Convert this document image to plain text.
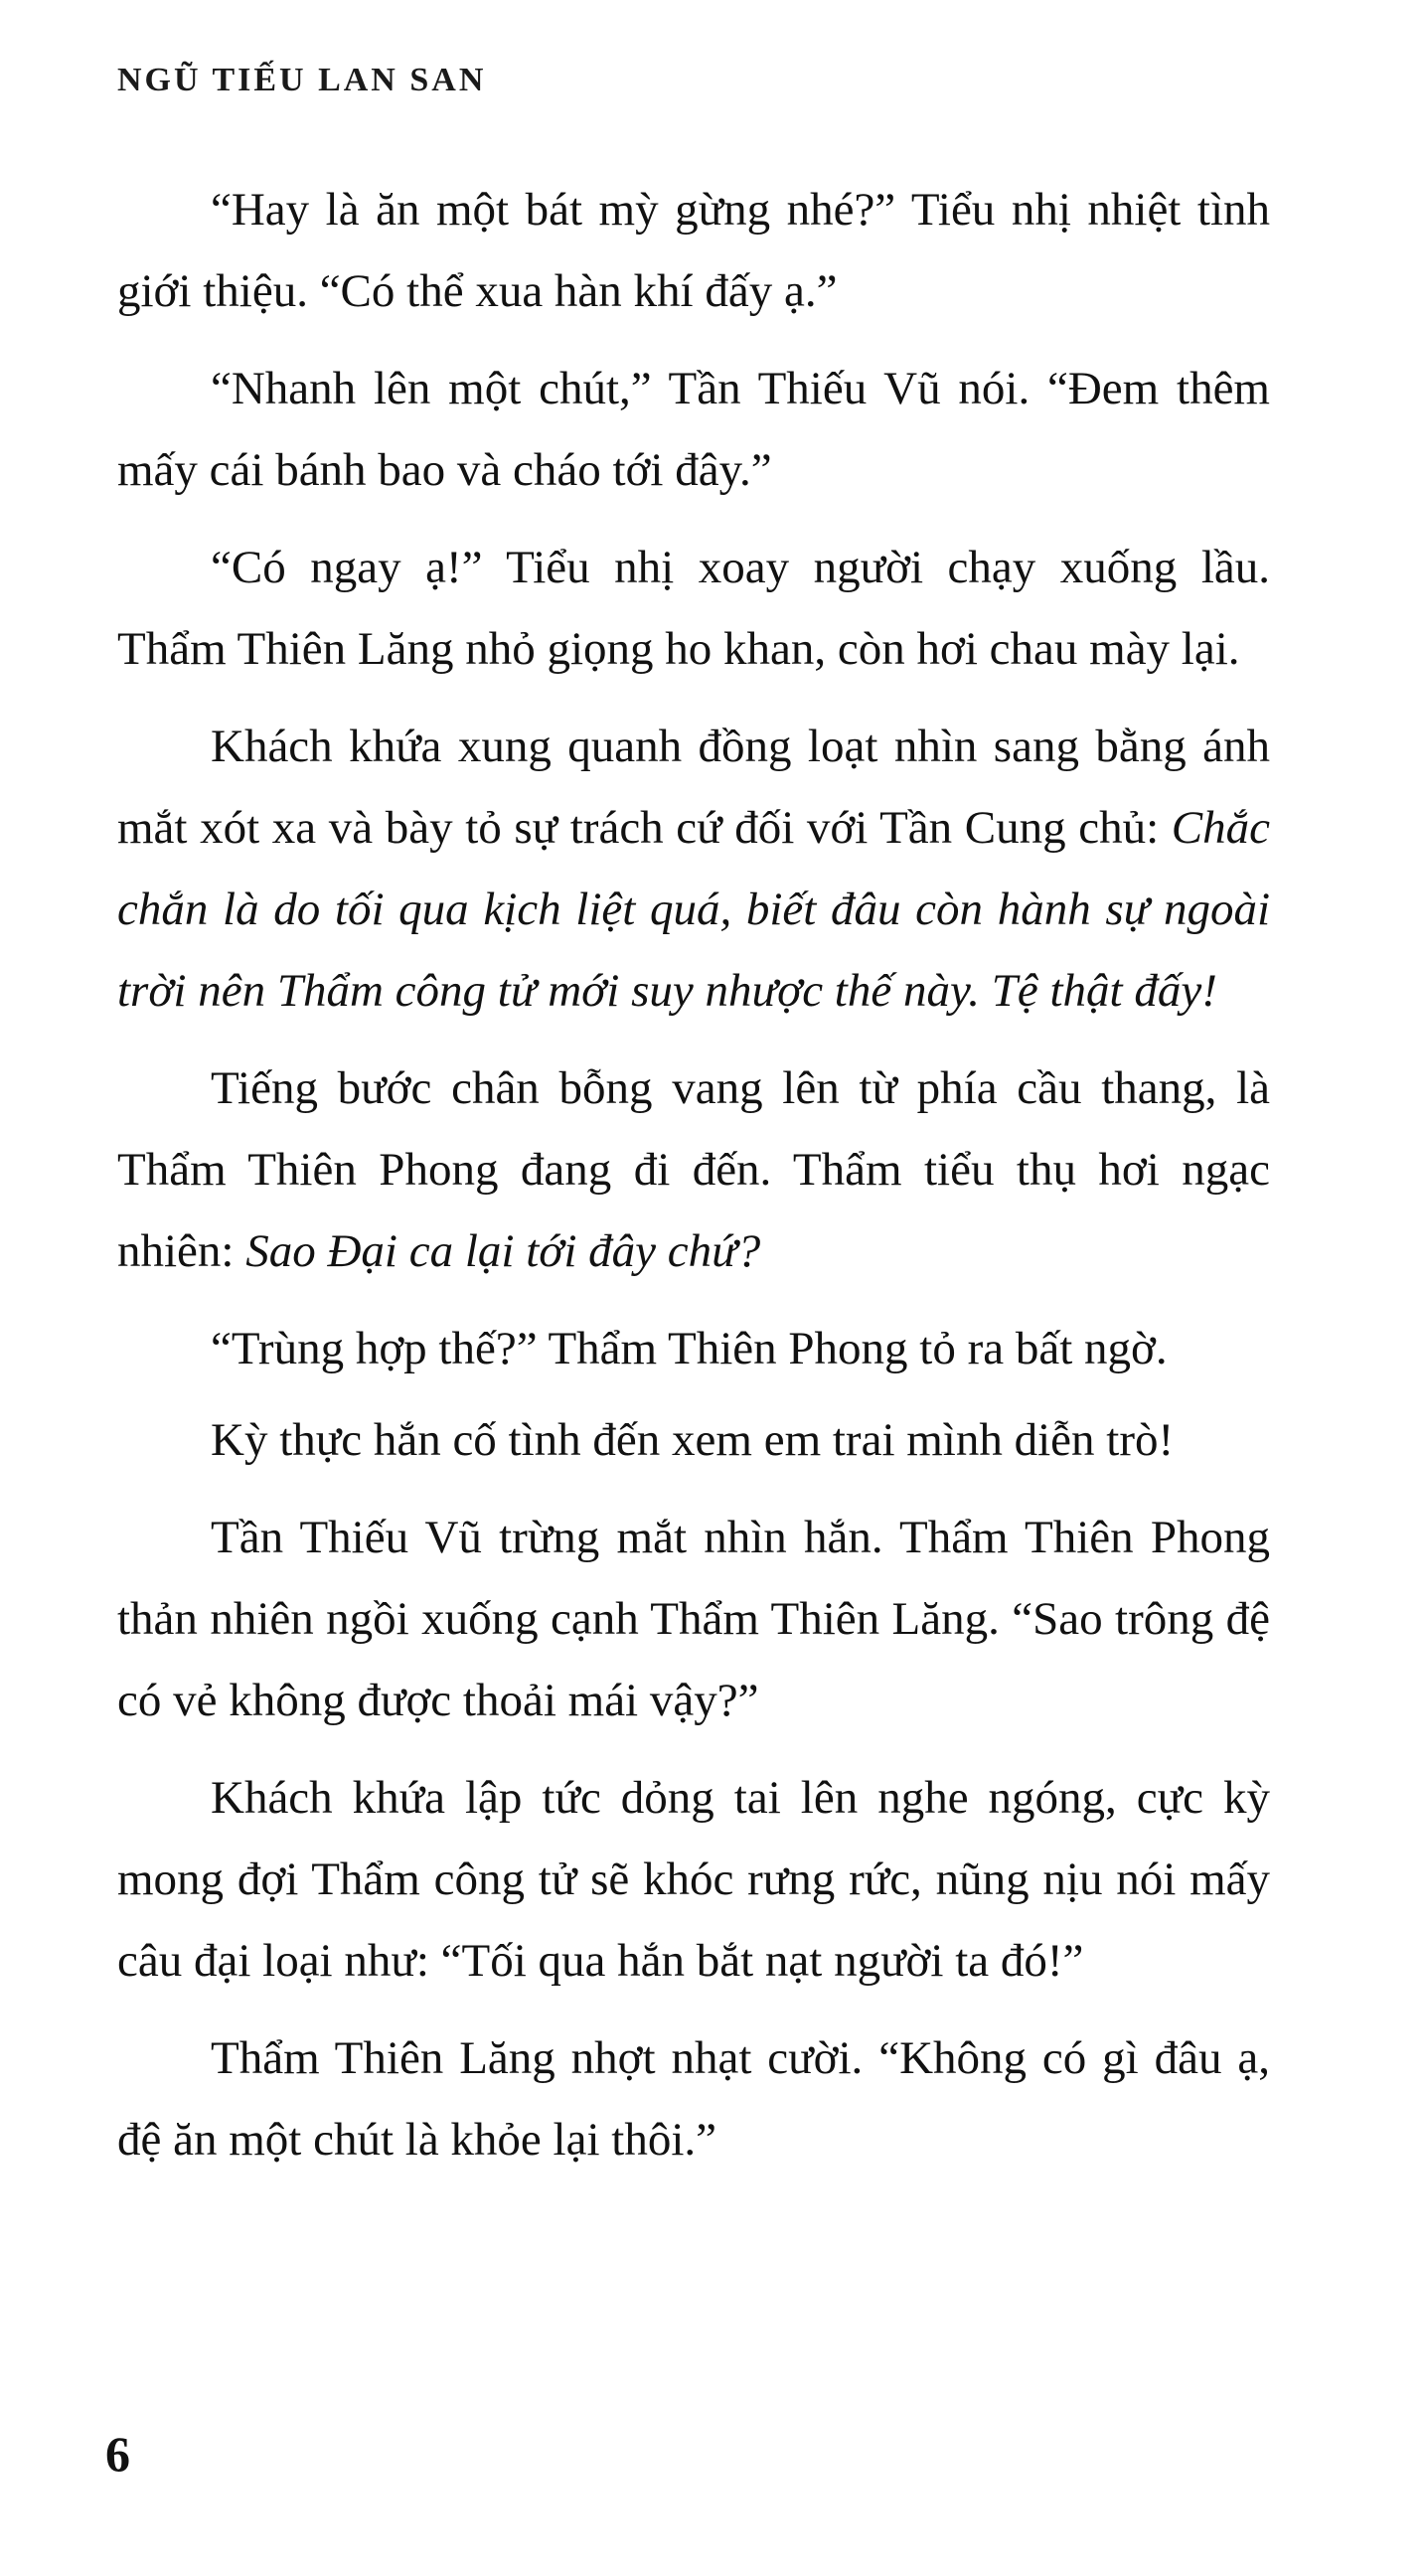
NGŨ TIẾU LAN SAN

“Hay là ăn một bát mỳ gừng nhé?” Tiểu nhị nhiệt tình giới thiệu. “Có thể xua hàn khí đấy ạ.”

“Nhanh lên một chút,” Tần Thiếu Vũ nói. “Đem thêm mấy cái bánh bao và cháo tới đây.”

“Có ngay ạ!” Tiểu nhị xoay người chạy xuống lầu. Thẩm Thiên Lăng nhỏ giọng ho khan, còn hơi chau mày lại.

Khách khứa xung quanh đồng loạt nhìn sang bằng ánh mắt xót xa và bày tỏ sự trách cứ đối với Tần Cung chủ: Chắc chắn là do tối qua kịch liệt quá, biết đâu còn hành sự ngoài trời nên Thẩm công tử mới suy nhược thế này. Tệ thật đấy!

Tiếng bước chân bỗng vang lên từ phía cầu thang, là Thẩm Thiên Phong đang đi đến. Thẩm tiểu thụ hơi ngạc nhiên: Sao Đại ca lại tới đây chứ?

“Trùng hợp thế?” Thẩm Thiên Phong tỏ ra bất ngờ.

Kỳ thực hắn cố tình đến xem em trai mình diễn trò!

Tần Thiếu Vũ trừng mắt nhìn hắn. Thẩm Thiên Phong thản nhiên ngồi xuống cạnh Thẩm Thiên Lăng. “Sao trông đệ có vẻ không được thoải mái vậy?”

Khách khứa lập tức dỏng tai lên nghe ngóng, cực kỳ mong đợi Thẩm công tử sẽ khóc rưng rức, nũng nịu nói mấy câu đại loại như: “Tối qua hắn bắt nạt người ta đó!”

Thẩm Thiên Lăng nhợt nhạt cười. “Không có gì đâu ạ, đệ ăn một chút là khỏe lại thôi.”

6
